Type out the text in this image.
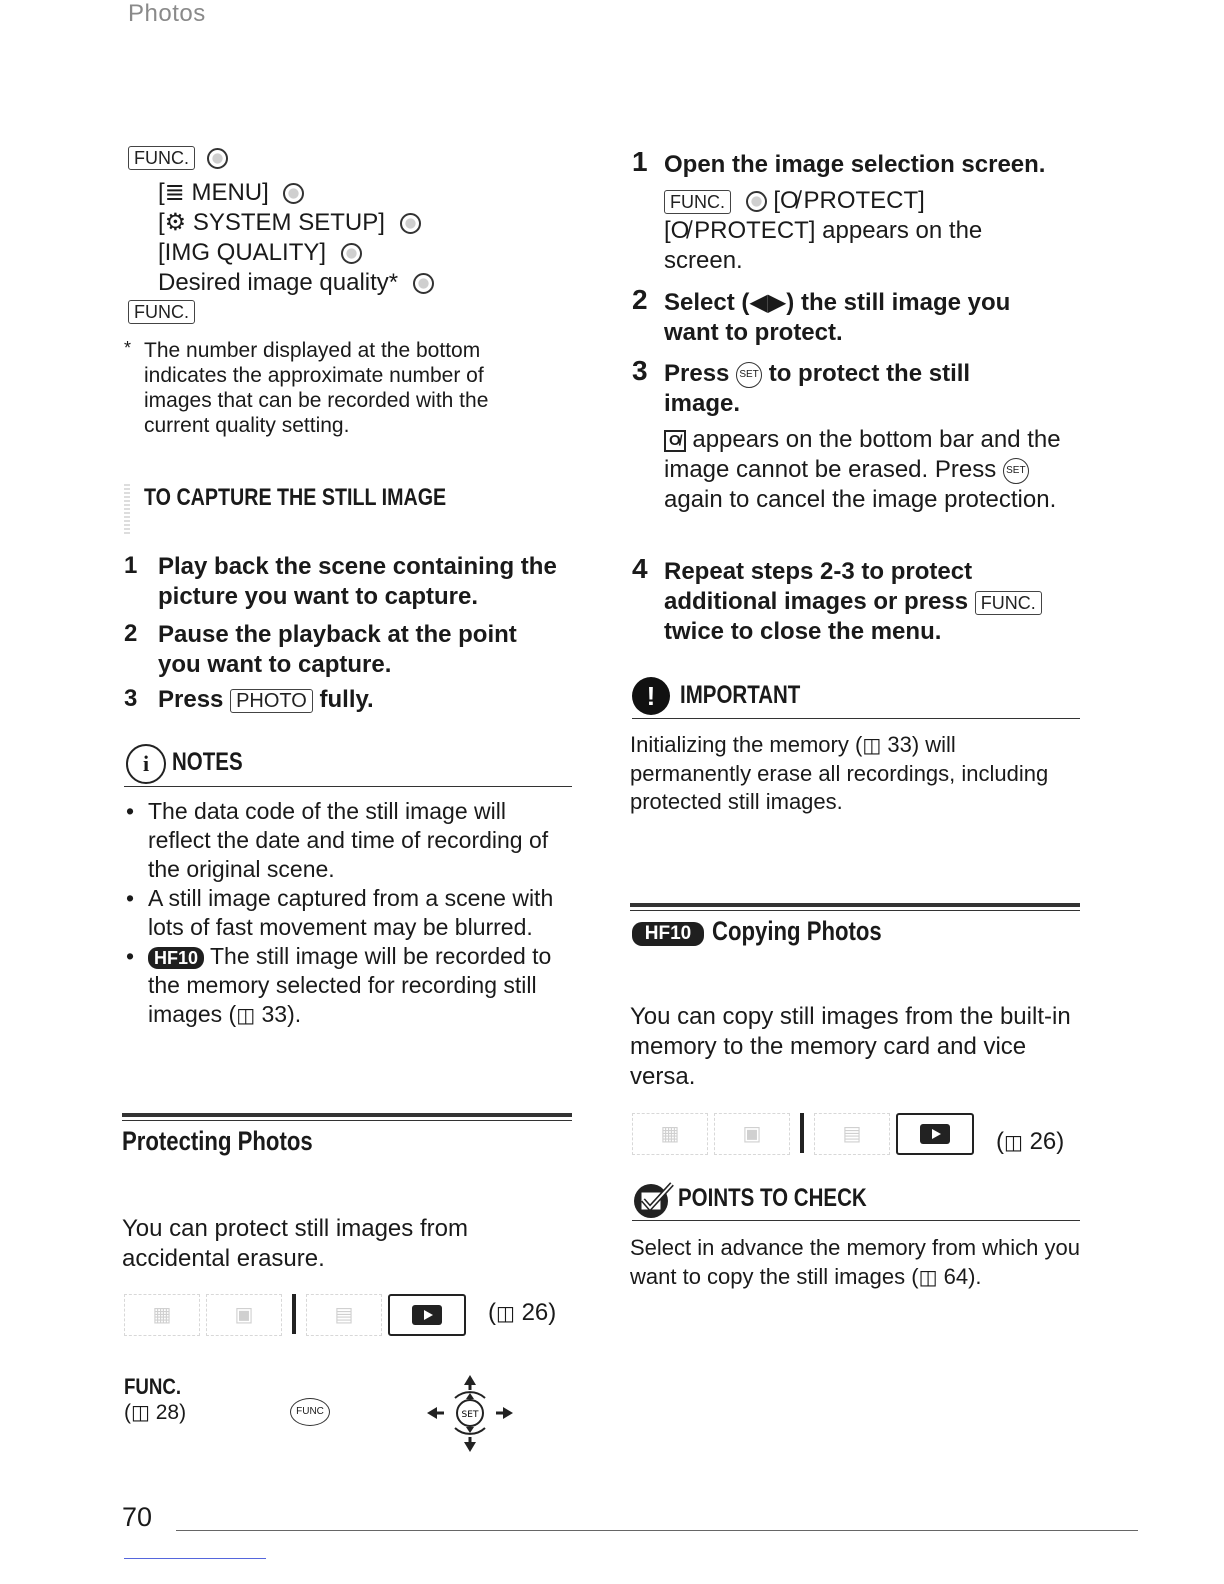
Photos
FUNC.
[≣ MENU]
[⚙ SYSTEM SETUP]
[IMG QUALITY]
Desired image quality*
FUNC.
* The number displayed at the bottom indicates the approximate number of images that can be recorded with the current quality setting.
TO CAPTURE THE STILL IMAGE
1 Play back the scene containing the picture you want to capture.
2 Pause the playback at the point you want to capture.
3 Press PHOTO fully.
i NOTES
• The data code of the still image will reflect the date and time of recording of the original scene.
• A still image captured from a scene with lots of fast movement may be blurred.
• HF10 The still image will be recorded to the memory selected for recording still images (◫ 33).
Protecting Photos
You can protect still images from accidental erasure.
▦	▣	▤	(◫ 26)
FUNC.
(◫ 28)	FUNC	SET
1 Open the image selection screen.
FUNC. [O̸ PROTECT]
[O̸ PROTECT] appears on the screen.
2 Select (◀▶) the still image you want to protect.
3 Press SET to protect the still image.
O̸ appears on the bottom bar and the image cannot be erased. Press SET again to cancel the image protection.
4 Repeat steps 2-3 to protect additional images or press FUNC. twice to close the menu.
! IMPORTANT
Initializing the memory (◫ 33) will permanently erase all recordings, including protected still images.
HF10 Copying Photos
You can copy still images from the built-in memory to the memory card and vice versa.
▦	▣	▤	(◫ 26)
POINTS TO CHECK
Select in advance the memory from which you want to copy the still images (◫ 64).
70
